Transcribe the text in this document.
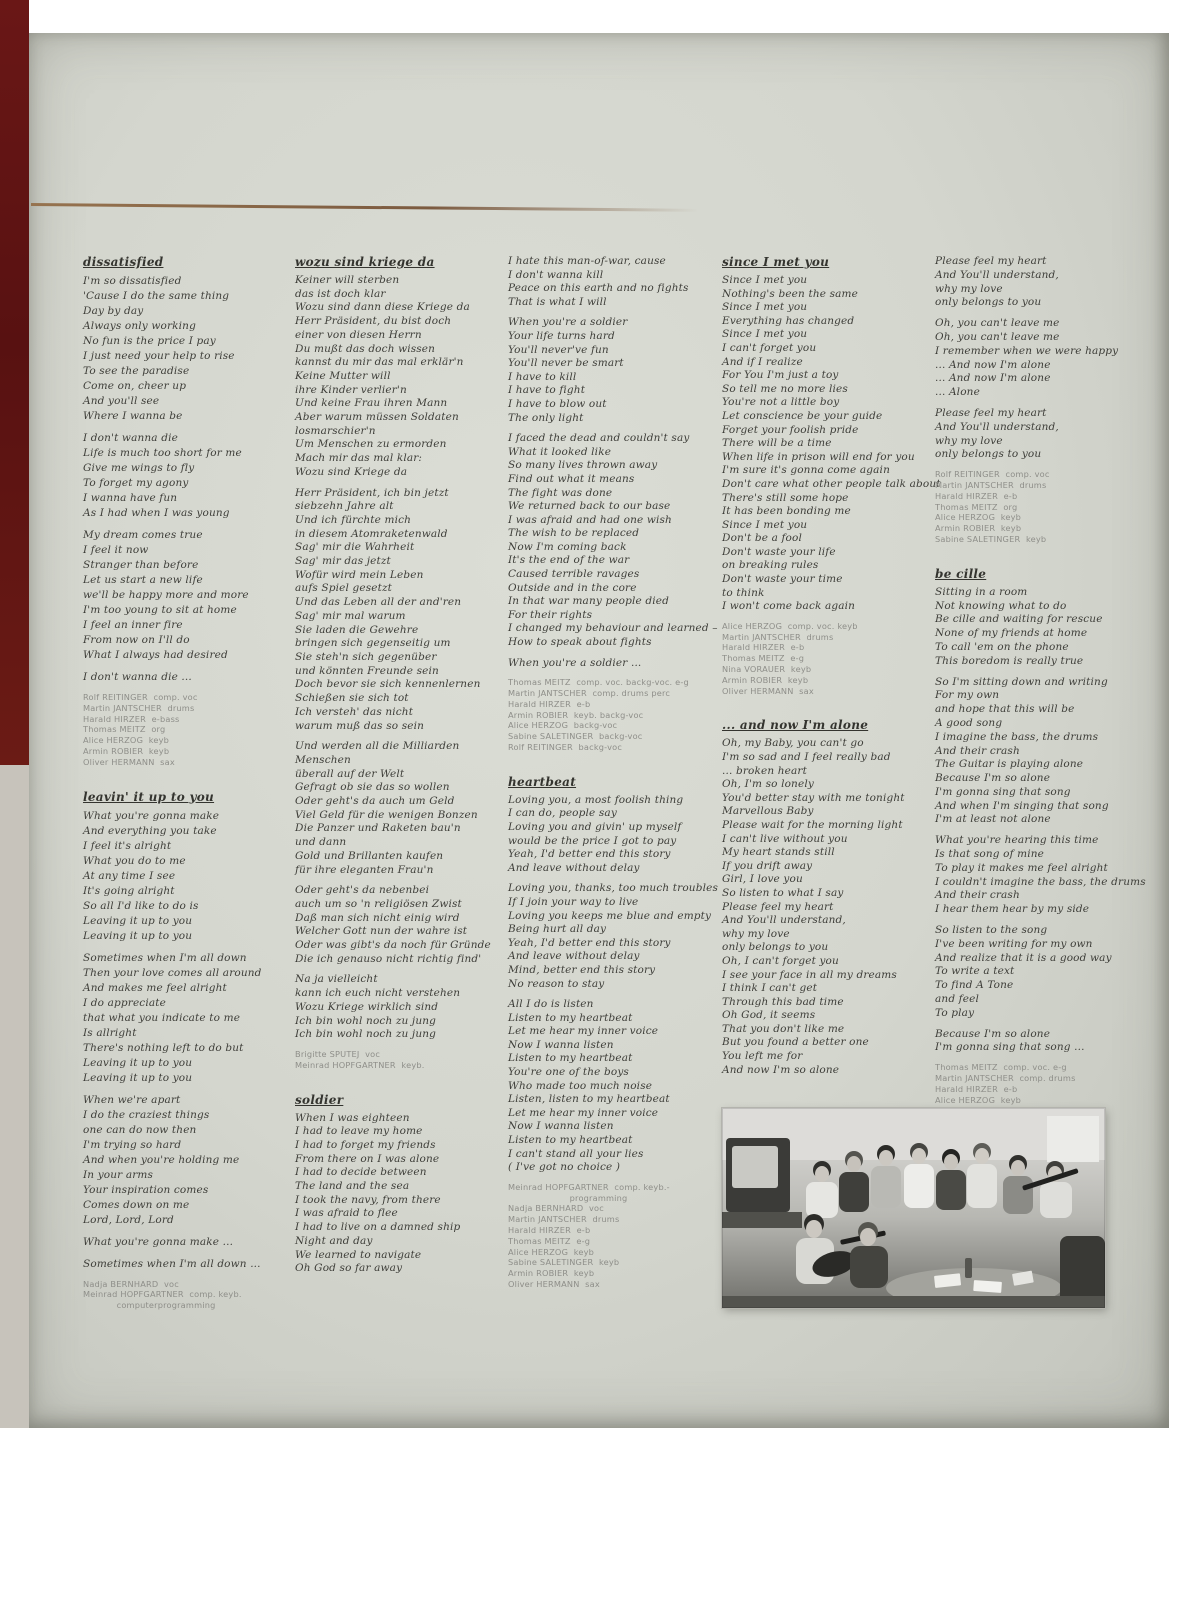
dissatisfied
I'm so dissatisfied
'Cause I do the same thing
Day by day
Always only working
No fun is the price I pay
I just need your help to rise
To see the paradise
Come on, cheer up
And you'll see
Where I wanna be
I don't wanna die
Life is much too short for me
Give me wings to fly
To forget my agony
I wanna have fun
As I had when I was young
My dream comes true
I feel it now
Stranger than before
Let us start a new life
we'll be happy more and more
I'm too young to sit at home
I feel an inner fire
From now on I'll do
What I always had desired
I don't wanna die ...
Rolf REITINGER  comp. voc
Martin JANTSCHER  drums
Harald HIRZER  e-bass
Thomas MEITZ  org
Alice HERZOG  keyb
Armin ROBIER  keyb
Oliver HERMANN  sax
leavin' it up to you
What you're gonna make
And everything you take
I feel it's alright
What you do to me
At any time I see
It's going alright
So all I'd like to do is
Leaving it up to you
Leaving it up to you
Sometimes when I'm all down
Then your love comes all around
And makes me feel alright
I do appreciate
that what you indicate to me
Is allright
There's nothing left to do but
Leaving it up to you
Leaving it up to you
When we're apart
I do the craziest things
one can do now then
I'm trying so hard
And when you're holding me
In your arms
Your inspiration comes
Comes down on me
Lord, Lord, Lord
What you're gonna make ...
Sometimes when I'm all down ...
Nadja BERNHARD  voc
Meinrad HOPFGARTNER  comp. keyb.
computerprogramming
wozu sind kriege da
Keiner will sterben
das ist doch klar
Wozu sind dann diese Kriege da
Herr Präsident, du bist doch
einer von diesen Herrn
Du mußt das doch wissen
kannst du mir das mal erklär'n
Keine Mutter will
ihre Kinder verlier'n
Und keine Frau ihren Mann
Aber warum müssen Soldaten
losmarschier'n
Um Menschen zu ermorden
Mach mir das mal klar:
Wozu sind Kriege da
Herr Präsident, ich bin jetzt
siebzehn Jahre alt
Und ich fürchte mich
in diesem Atomraketenwald
Sag' mir die Wahrheit
Sag' mir das jetzt
Wofür wird mein Leben
aufs Spiel gesetzt
Und das Leben all der and'ren
Sag' mir mal warum
Sie laden die Gewehre
bringen sich gegenseitig um
Sie steh'n sich gegenüber
und könnten Freunde sein
Doch bevor sie sich kennenlernen
Schießen sie sich tot
Ich versteh' das nicht
warum muß das so sein
Und werden all die Milliarden
Menschen
überall auf der Welt
Gefragt ob sie das so wollen
Oder geht's da auch um Geld
Viel Geld für die wenigen Bonzen
Die Panzer und Raketen bau'n
und dann
Gold und Brillanten kaufen
für ihre eleganten Frau'n
Oder geht's da nebenbei
auch um so 'n religiösen Zwist
Daß man sich nicht einig wird
Welcher Gott nun der wahre ist
Oder was gibt's da noch für Gründe
Die ich genauso nicht richtig find'
Na ja vielleicht
kann ich euch nicht verstehen
Wozu Kriege wirklich sind
Ich bin wohl noch zu jung
Ich bin wohl noch zu jung
Brigitte SPUTEJ  voc
Meinrad HOPFGARTNER  keyb.
soldier
When I was eighteen
I had to leave my home
I had to forget my friends
From there on I was alone
I had to decide between
The land and the sea
I took the navy, from there
I was afraid to flee
I had to live on a damned ship
Night and day
We learned to navigate
Oh God so far away
I hate this man-of-war, cause
I don't wanna kill
Peace on this earth and no fights
That is what I will
When you're a soldier
Your life turns hard
You'll never've fun
You'll never be smart
I have to kill
I have to fight
I have to blow out
The only light
I faced the dead and couldn't say
What it looked like
So many lives thrown away
Find out what it means
The fight was done
We returned back to our base
I was afraid and had one wish
The wish to be replaced
Now I'm coming back
It's the end of the war
Caused terrible ravages
Outside and in the core
In that war many people died
For their rights
I changed my behaviour and learned –
How to speak about fights
When you're a soldier ...
Thomas MEITZ  comp. voc. backg-voc. e-g
Martin JANTSCHER  comp. drums perc
Harald HIRZER  e-b
Armin ROBIER  keyb. backg-voc
Alice HERZOG  backg-voc
Sabine SALETINGER  backg-voc
Rolf REITINGER  backg-voc
heartbeat
Loving you, a most foolish thing
I can do, people say
Loving you and givin' up myself
would be the price I got to pay
Yeah, I'd better end this story
And leave without delay
Loving you, thanks, too much troubles
If I join your way to live
Loving you keeps me blue and empty
Being hurt all day
Yeah, I'd better end this story
And leave without delay
Mind, better end this story
No reason to stay
All I do is listen
Listen to my heartbeat
Let me hear my inner voice
Now I wanna listen
Listen to my heartbeat
You're one of the boys
Who made too much noise
Listen, listen to my heartbeat
Let me hear my inner voice
Now I wanna listen
Listen to my heartbeat
I can't stand all your lies
( I've got no choice )
Meinrad HOPFGARTNER  comp. keyb.-
programming
Nadja BERNHARD  voc
Martin JANTSCHER  drums
Harald HIRZER  e-b
Thomas MEITZ  e-g
Alice HERZOG  keyb
Sabine SALETINGER  keyb
Armin ROBIER  keyb
Oliver HERMANN  sax
since I met you
Since I met you
Nothing's been the same
Since I met you
Everything has changed
Since I met you
I can't forget you
And if I realize
For You I'm just a toy
So tell me no more lies
You're not a little boy
Let conscience be your guide
Forget your foolish pride
There will be a time
When life in prison will end for you
I'm sure it's gonna come again
Don't care what other people talk about
There's still some hope
It has been bonding me
Since I met you
Don't be a fool
Don't waste your life
on breaking rules
Don't waste your time
to think
I won't come back again
Alice HERZOG  comp. voc. keyb
Martin JANTSCHER  drums
Harald HIRZER  e-b
Thomas MEITZ  e-g
Nina VORAUER  keyb
Armin ROBIER  keyb
Oliver HERMANN  sax
... and now I'm alone
Oh, my Baby, you can't go
I'm so sad and I feel really bad
... broken heart
Oh, I'm so lonely
You'd better stay with me tonight
Marvellous Baby
Please wait for the morning light
I can't live without you
My heart stands still
If you drift away
Girl, I love you
So listen to what I say
Please feel my heart
And You'll understand,
why my love
only belongs to you
Oh, I can't forget you
I see your face in all my dreams
I think I can't get
Through this bad time
Oh God, it seems
That you don't like me
But you found a better one
You left me for
And now I'm so alone
Please feel my heart
And You'll understand,
why my love
only belongs to you
Oh, you can't leave me
Oh, you can't leave me
I remember when we were happy
... And now I'm alone
... And now I'm alone
... Alone
Please feel my heart
And You'll understand,
why my love
only belongs to you
Rolf REITINGER  comp. voc
Martin JANTSCHER  drums
Harald HIRZER  e-b
Thomas MEITZ  org
Alice HERZOG  keyb
Armin ROBIER  keyb
Sabine SALETINGER  keyb
be cille
Sitting in a room
Not knowing what to do
Be cille and waiting for rescue
None of my friends at home
To call 'em on the phone
This boredom is really true
So I'm sitting down and writing
For my own
and hope that this will be
A good song
I imagine the bass, the drums
And their crash
The Guitar is playing alone
Because I'm so alone
I'm gonna sing that song
And when I'm singing that song
I'm at least not alone
What you're hearing this time
Is that song of mine
To play it makes me feel alright
I couldn't imagine the bass, the drums
And their crash
I hear them hear by my side
So listen to the song
I've been writing for my own
And realize that it is a good way
To write a text
To find A Tone
and feel
To play
Because I'm so alone
I'm gonna sing that song ...
Thomas MEITZ  comp. voc. e-g
Martin JANTSCHER  comp. drums
Harald HIRZER  e-b
Alice HERZOG  keyb
